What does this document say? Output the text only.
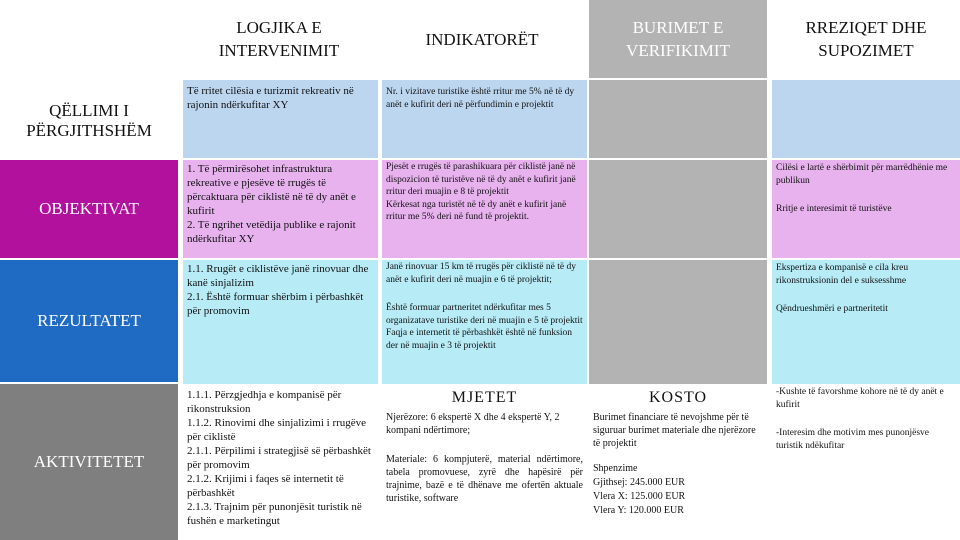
LOGJIKA E INTERVENIMIT
INDIKATORËT
BURIMET E VERIFIKIMIT
RREZIQET DHE SUPOZIMET
QËLLIMI I PËRGJITHSHËM
OBJEKTIVAT
REZULTATET
AKTIVITETET
Të rritet cilësia e turizmit rekreativ në rajonin ndërkufitar XY
Nr. i vizitave turistike është rritur me 5% në të dy anët e kufirit deri në përfundimin e projektit
1. Të përmirësohet infrastruktura rekreative e pjesëve të rrugës të përcaktuara për ciklistë në të dy anët e kufirit
2. Të ngrihet vetëdija publike e rajonit ndërkufitar XY
Pjesët e rrugës të parashikuara për ciklistë janë në dispozicion të turistëve në të dy anët e kufirit janë rritur deri muajin e 8 të projektit
Kërkesat nga turistët në të dy anët e kufirit janë rritur me 5% deri në fund të projektit.
Cilësi e lartë e shërbimit për marrëdhënie me publikun
Rritje e interesimit të turistëve
1.1. Rrugët e ciklistëve janë rinovuar dhe kanë sinjalizim
2.1. Është formuar shërbim i përbashkët për promovim
Janë rinovuar 15 km të rrugës për ciklistë në të dy anët e kufirit deri në muajin e 6 të projektit;
Është formuar partneritet ndërkufitar mes 5 organizatave turistike deri në muajin e 5 të projektit
Faqja e internetit të përbashkët është në funksion der në muajin e 3 të projektit
Ekspertiza e kompanisë e cila kreu rikonstruksionin del e suksesshme
Qëndrueshmëri e partneritetit
1.1.1. Përzgjedhja e kompanisë për rikonstruksion
1.1.2. Rinovimi dhe sinjalizimi i rrugëve për ciklistë
2.1.1. Përpilimi i strategjisë së përbashkët për promovim
2.1.2. Krijimi i faqes së internetit të përbashkët
2.1.3. Trajnim për punonjësit turistik në fushën e marketingut
MJETET
Njerëzore: 6 ekspertë X dhe 4 ekspertë Y, 2 kompani ndërtimore;
Materiale: 6 kompjuterë, material ndërtimore, tabela promovuese, zyrë dhe hapësirë për trajnime, bazë e të dhënave me ofertën aktuale turistike, software
KOSTO
Burimet financiare të nevojshme për të siguruar burimet materiale dhe njerëzore të projektit
Shpenzime
Gjithsej: 245.000 EUR
Vlera X: 125.000 EUR
Vlera Y: 120.000 EUR
-Kushte të favorshme kohore në të dy anët e kufirit
-Interesim dhe motivim mes punonjësve turistik ndëkufitar
